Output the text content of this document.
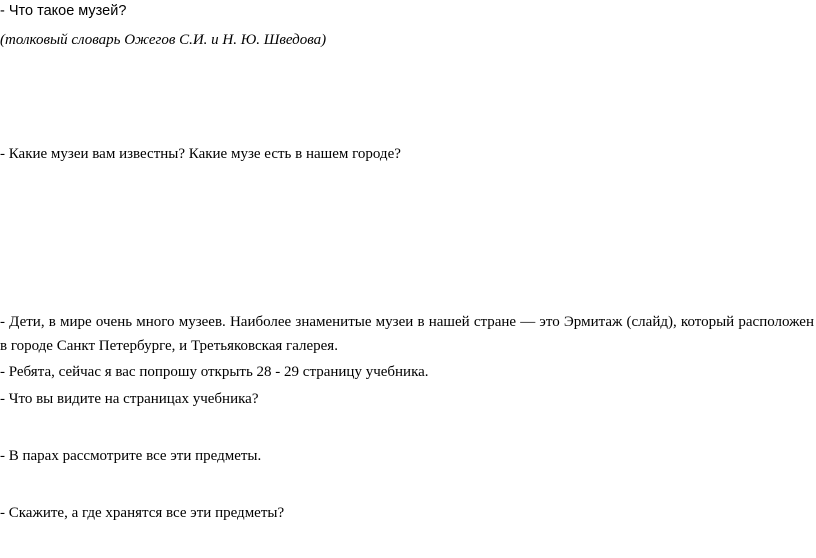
- Что такое музей?

(толковый словарь Ожегов С.И. и Н. Ю. Шведова)

- Какие музеи вам известны? Какие музе есть в нашем городе?

- Дети, в мире очень много музеев. Наиболее знаменитые музеи в нашей стране — это Эрмитаж (слайд), который расположен в городе Санкт Петербурге, и Третьяковская галерея.

- Ребята, сейчас я вас попрошу открыть 28 - 29 страницу учебника.

- Что вы видите на страницах учебника?

- В парах рассмотрите все эти предметы.

- Скажите, а где хранятся все эти предметы?
